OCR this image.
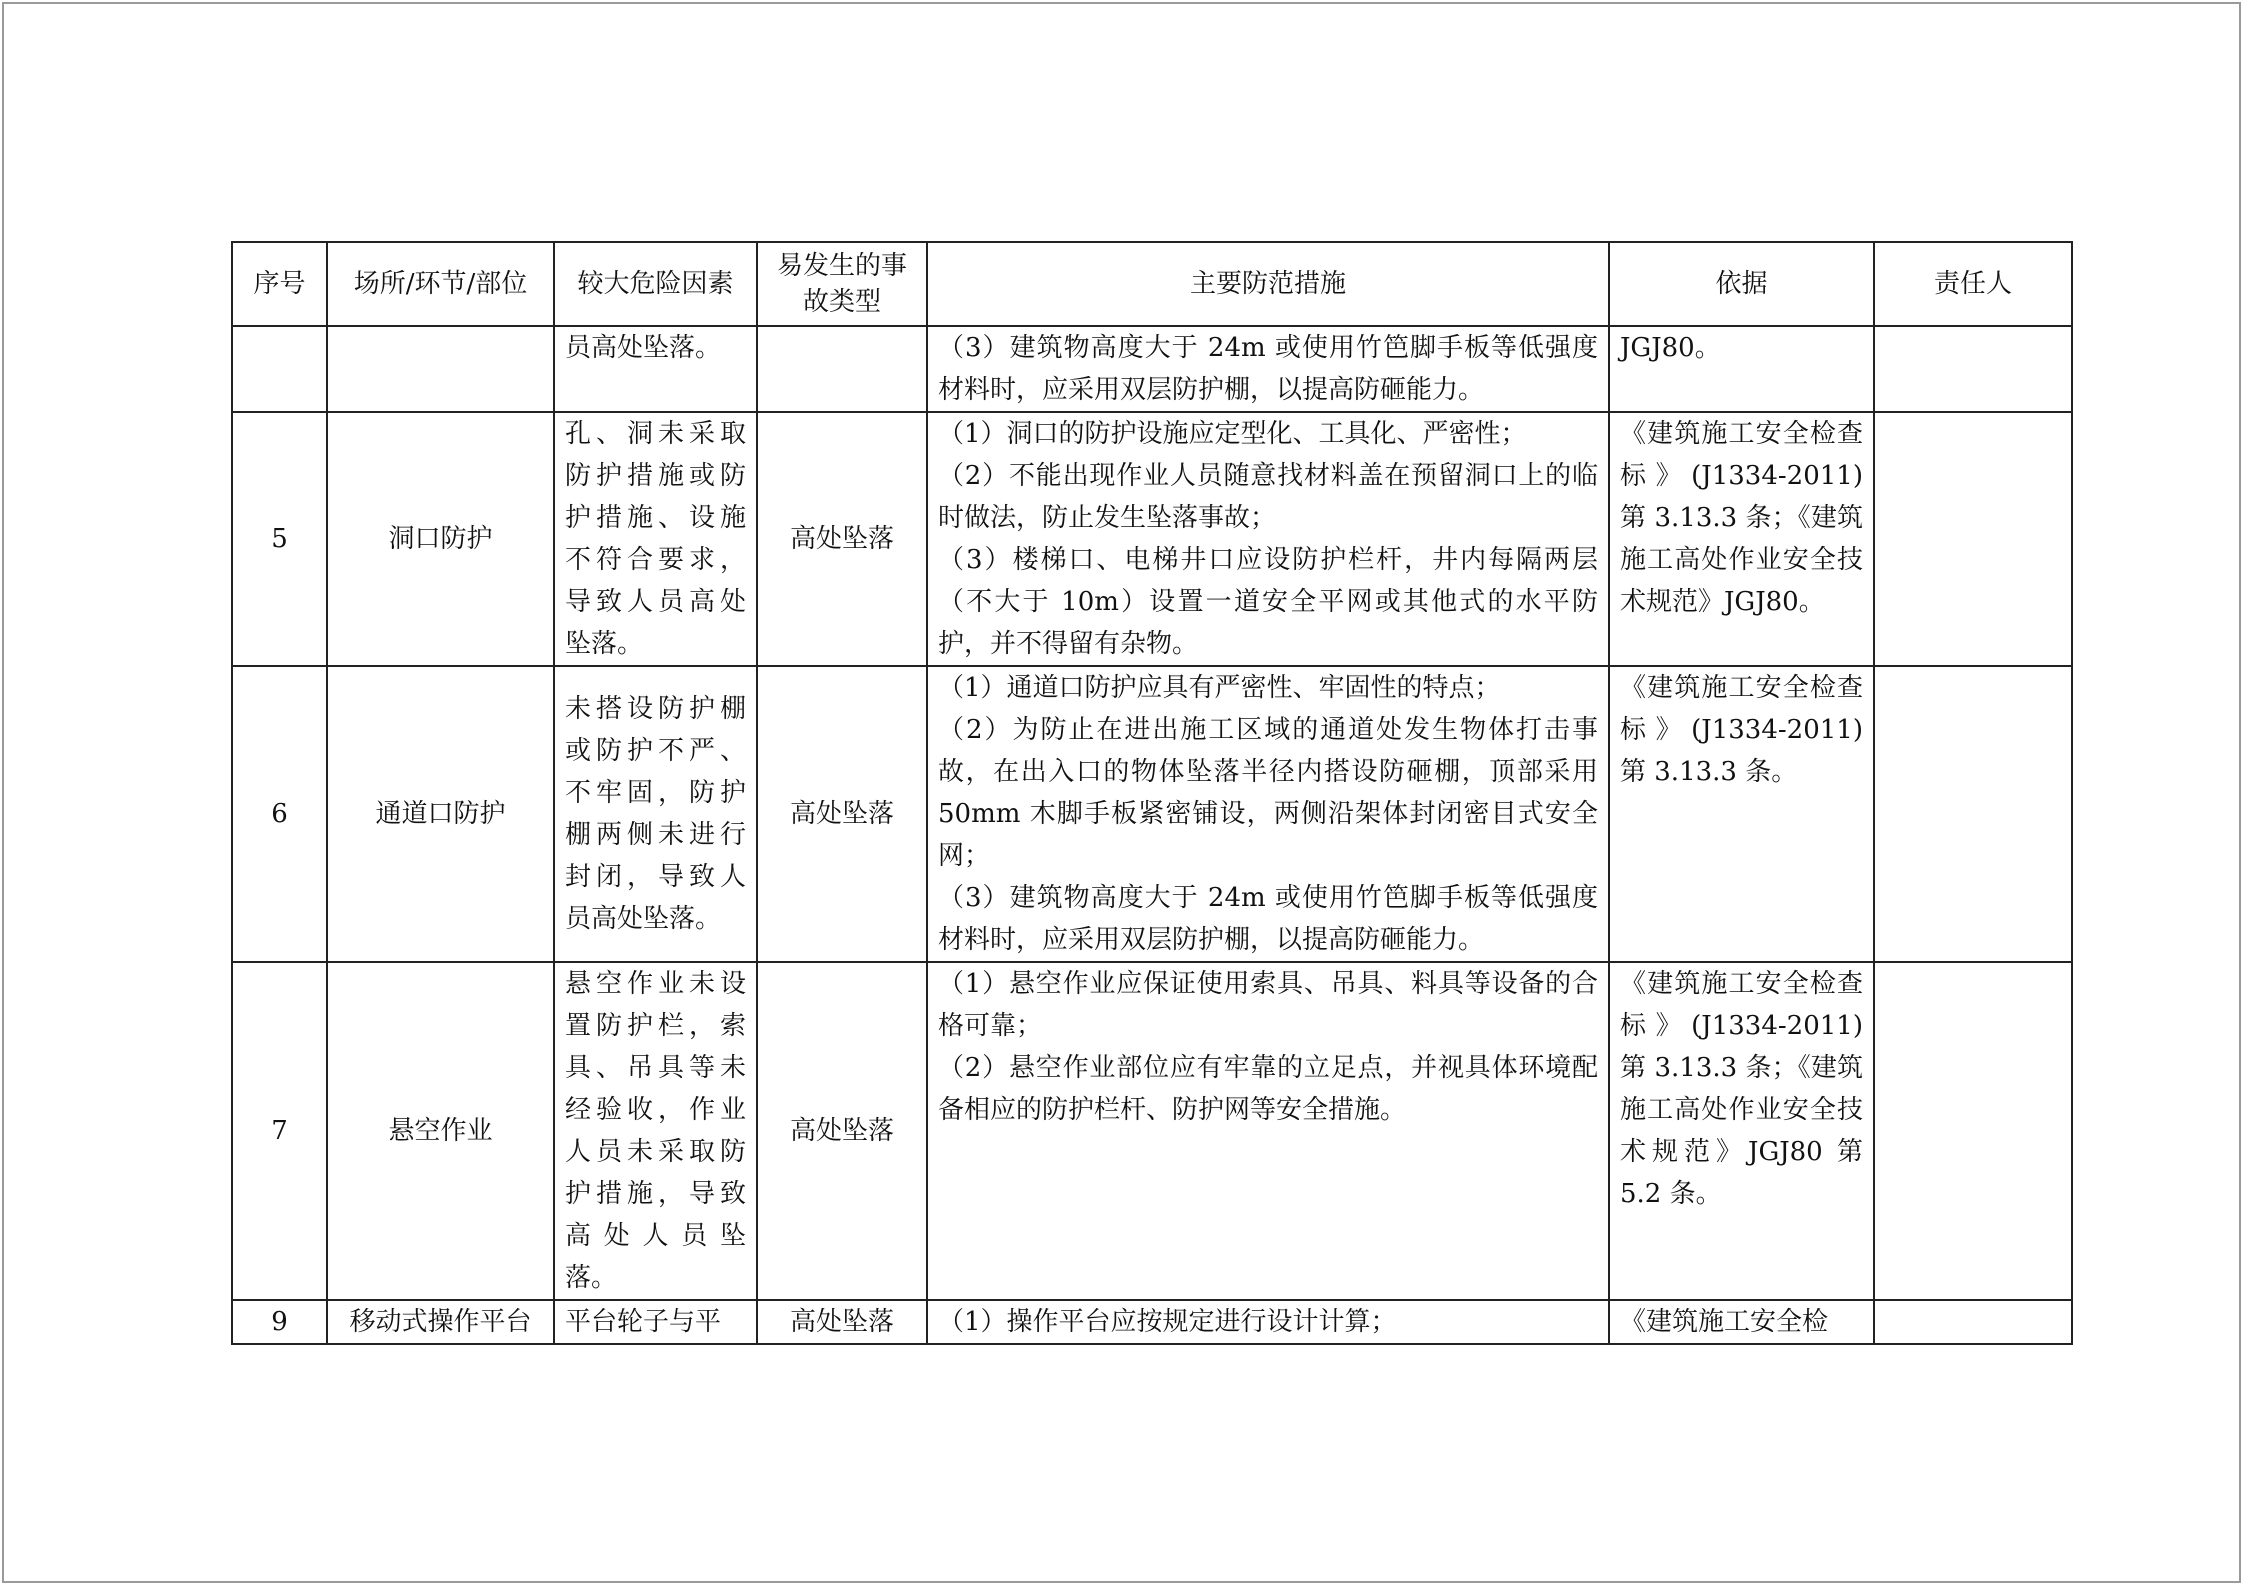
序号	场所/环节/部位	较大危险因素	易发生的事故类型	主要防范措施	依据	责任人
		员高处坠落。		（3）建筑物高度大于 24m 或使用竹笆脚手板等低强度材料时，应采用双层防护棚，以提高防砸能力。	JGJ80。	
5	洞口防护	孔、洞未采取防护措施或防护措施、设施不符合要求，导致人员高处坠落。	高处坠落	（1）洞口的防护设施应定型化、工具化、严密性；
（2）不能出现作业人员随意找材料盖在预留洞口上的临时做法，防止发生坠落事故；
（3）楼梯口、电梯井口应设防护栏杆，井内每隔两层（不大于 10m）设置一道安全平网或其他式的水平防护，并不得留有杂物。	《建筑施工安全检查标》(J1334-2011)第 3.13.3 条；《建筑施工高处作业安全技术规范》JGJ80。	
6	通道口防护	未搭设防护棚或防护不严、不牢固，防护棚两侧未进行封闭，导致人员高处坠落。	高处坠落	（1）通道口防护应具有严密性、牢固性的特点；
（2）为防止在进出施工区域的通道处发生物体打击事故，在出入口的物体坠落半径内搭设防砸棚，顶部采用 50mm 木脚手板紧密铺设，两侧沿架体封闭密目式安全网；
（3）建筑物高度大于 24m 或使用竹笆脚手板等低强度材料时，应采用双层防护棚，以提高防砸能力。	《建筑施工安全检查标》(J1334-2011)第 3.13.3 条。	
7	悬空作业	悬空作业未设置防护栏，索具、吊具等未经验收，作业人员未采取防护措施，导致高处人员坠落。	高处坠落	（1）悬空作业应保证使用索具、吊具、料具等设备的合格可靠；
（2）悬空作业部位应有牢靠的立足点，并视具体环境配备相应的防护栏杆、防护网等安全措施。	《建筑施工安全检查标》(J1334-2011)第 3.13.3 条；《建筑施工高处作业安全技术规范》JGJ80 第 5.2 条。	
9	移动式操作平台	平台轮子与平	高处坠落	（1）操作平台应按规定进行设计计算；	《建筑施工安全检	
